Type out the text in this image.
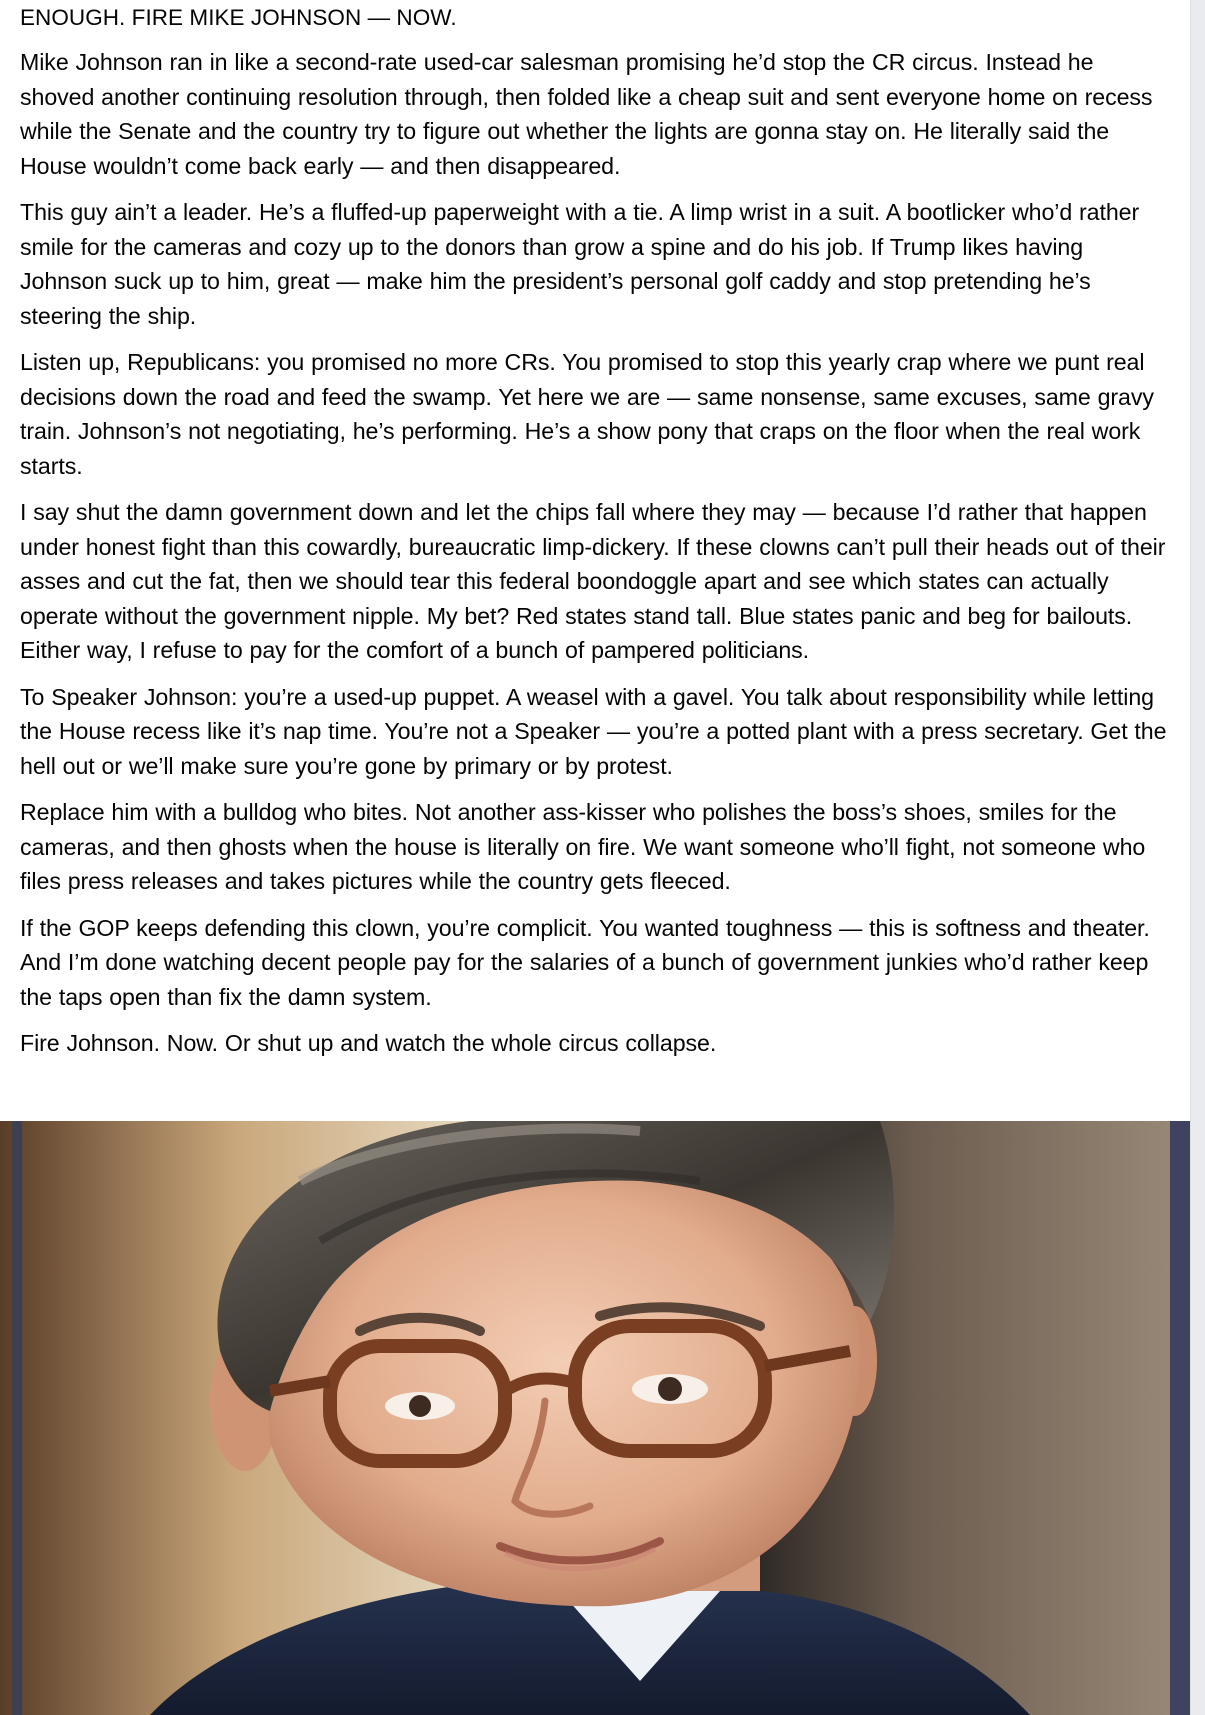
ENOUGH. FIRE MIKE JOHNSON — NOW.

Mike Johnson ran in like a second-rate used-car salesman promising he’d stop the CR circus. Instead he shoved another continuing resolution through, then folded like a cheap suit and sent everyone home on recess while the Senate and the country try to figure out whether the lights are gonna stay on. He literally said the House wouldn’t come back early — and then disappeared.

This guy ain’t a leader. He’s a fluffed-up paperweight with a tie. A limp wrist in a suit. A bootlicker who’d rather smile for the cameras and cozy up to the donors than grow a spine and do his job. If Trump likes having Johnson suck up to him, great — make him the president’s personal golf caddy and stop pretending he’s steering the ship.

Listen up, Republicans: you promised no more CRs. You promised to stop this yearly crap where we punt real decisions down the road and feed the swamp. Yet here we are — same nonsense, same excuses, same gravy train. Johnson’s not negotiating, he’s performing. He’s a show pony that craps on the floor when the real work starts.

I say shut the damn government down and let the chips fall where they may — because I’d rather that happen under honest fight than this cowardly, bureaucratic limp-dickery. If these clowns can’t pull their heads out of their asses and cut the fat, then we should tear this federal boondoggle apart and see which states can actually operate without the government nipple. My bet? Red states stand tall. Blue states panic and beg for bailouts. Either way, I refuse to pay for the comfort of a bunch of pampered politicians.

To Speaker Johnson: you’re a used-up puppet. A weasel with a gavel. You talk about responsibility while letting the House recess like it’s nap time. You’re not a Speaker — you’re a potted plant with a press secretary. Get the hell out or we’ll make sure you’re gone by primary or by protest.

Replace him with a bulldog who bites. Not another ass-kisser who polishes the boss’s shoes, smiles for the cameras, and then ghosts when the house is literally on fire. We want someone who’ll fight, not someone who files press releases and takes pictures while the country gets fleeced.

If the GOP keeps defending this clown, you’re complicit. You wanted toughness — this is softness and theater. And I’m done watching decent people pay for the salaries of a bunch of government junkies who’d rather keep the taps open than fix the damn system.

Fire Johnson. Now. Or shut up and watch the whole circus collapse.
